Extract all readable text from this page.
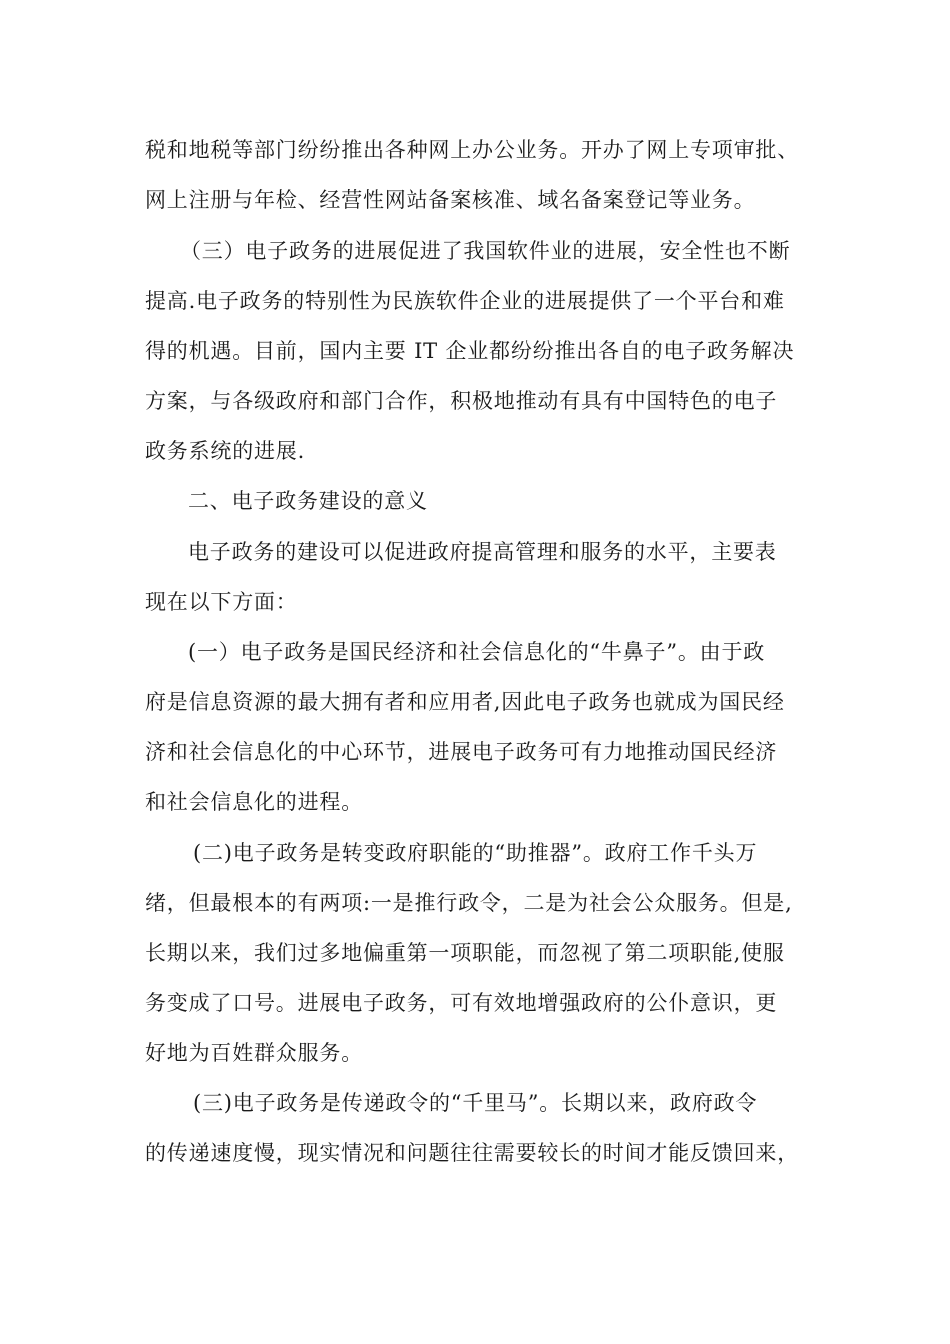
税和地税等部门纷纷推出各种网上办公业务。开办了网上专项审批、

网上注册与年检、经营性网站备案核准、域名备案登记等业务。

（三）电子政务的进展促进了我国软件业的进展，安全性也不断

提高.电子政务的特别性为民族软件企业的进展提供了一个平台和难

得的机遇。目前，国内主要 IT 企业都纷纷推出各自的电子政务解决

方案，与各级政府和部门合作，积极地推动有具有中国特色的电子

政务系统的进展.

二、电子政务建设的意义

电子政务的建设可以促进政府提高管理和服务的水平，主要表

现在以下方面：

(一）电子政务是国民经济和社会信息化的“牛鼻子”。由于政

府是信息资源的最大拥有者和应用者,因此电子政务也就成为国民经

济和社会信息化的中心环节，进展电子政务可有力地推动国民经济

和社会信息化的进程。

(二)电子政务是转变政府职能的“助推器”。政府工作千头万

绪，但最根本的有两项:一是推行政令，二是为社会公众服务。但是,

长期以来，我们过多地偏重第一项职能，而忽视了第二项职能,使服

务变成了口号。进展电子政务，可有效地增强政府的公仆意识，更

好地为百姓群众服务。

(三)电子政务是传递政令的“千里马”。长期以来，政府政令

的传递速度慢，现实情况和问题往往需要较长的时间才能反馈回来，
